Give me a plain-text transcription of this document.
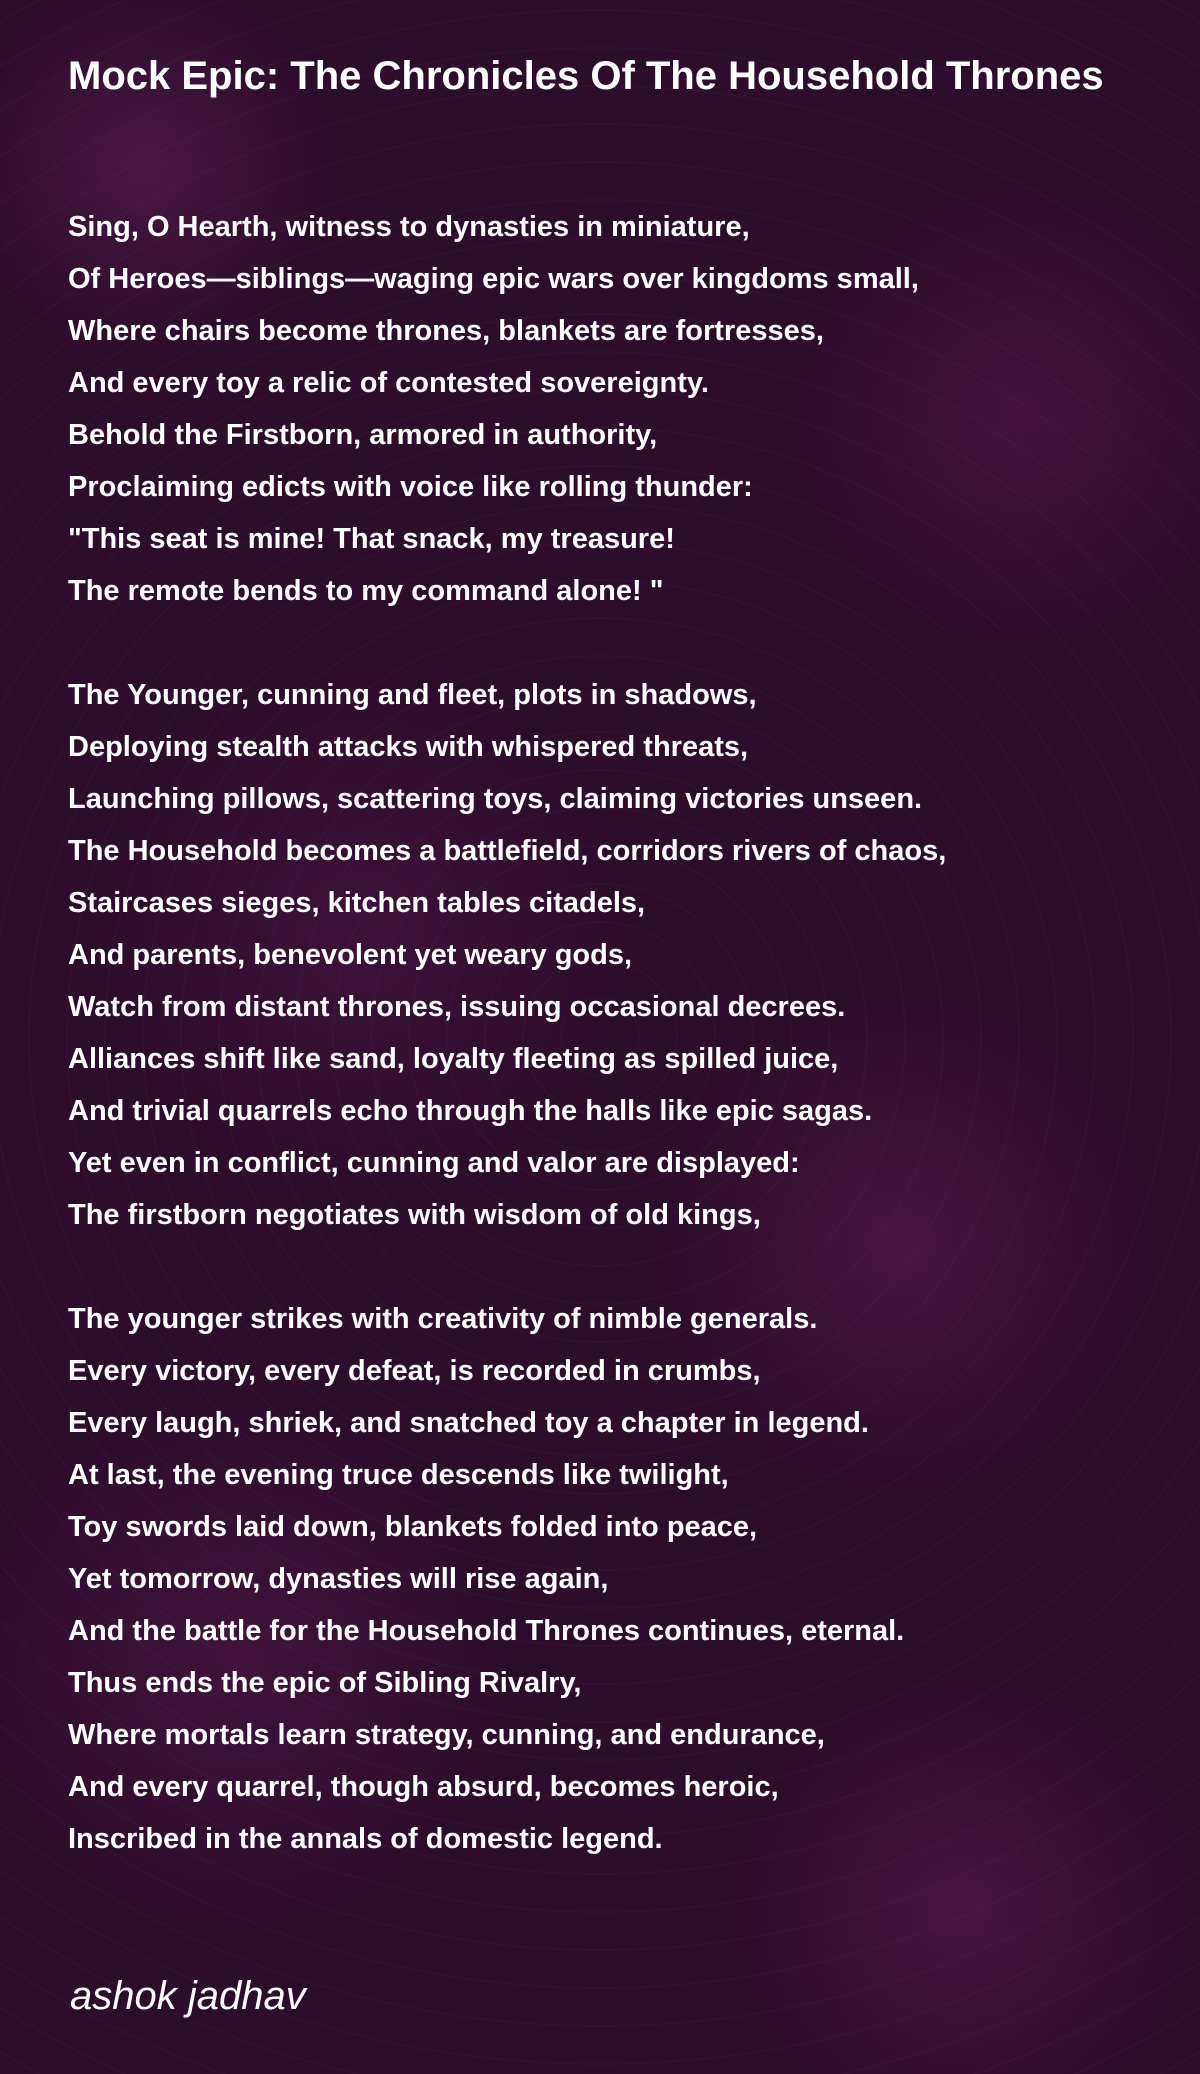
Mock Epic: The Chronicles Of The Household Thrones
Sing, O Hearth, witness to dynasties in miniature,
Of Heroes—siblings—waging epic wars over kingdoms small,
Where chairs become thrones, blankets are fortresses,
And every toy a relic of contested sovereignty.
Behold the Firstborn, armored in authority,
Proclaiming edicts with voice like rolling thunder:
"This seat is mine! That snack, my treasure!
The remote bends to my command alone! "
The Younger, cunning and fleet, plots in shadows,
Deploying stealth attacks with whispered threats,
Launching pillows, scattering toys, claiming victories unseen.
The Household becomes a battlefield, corridors rivers of chaos,
Staircases sieges, kitchen tables citadels,
And parents, benevolent yet weary gods,
Watch from distant thrones, issuing occasional decrees.
Alliances shift like sand, loyalty fleeting as spilled juice,
And trivial quarrels echo through the halls like epic sagas.
Yet even in conflict, cunning and valor are displayed:
The firstborn negotiates with wisdom of old kings,
The younger strikes with creativity of nimble generals.
Every victory, every defeat, is recorded in crumbs,
Every laugh, shriek, and snatched toy a chapter in legend.
At last, the evening truce descends like twilight,
Toy swords laid down, blankets folded into peace,
Yet tomorrow, dynasties will rise again,
And the battle for the Household Thrones continues, eternal.
Thus ends the epic of Sibling Rivalry,
Where mortals learn strategy, cunning, and endurance,
And every quarrel, though absurd, becomes heroic,
Inscribed in the annals of domestic legend.
ashok jadhav
